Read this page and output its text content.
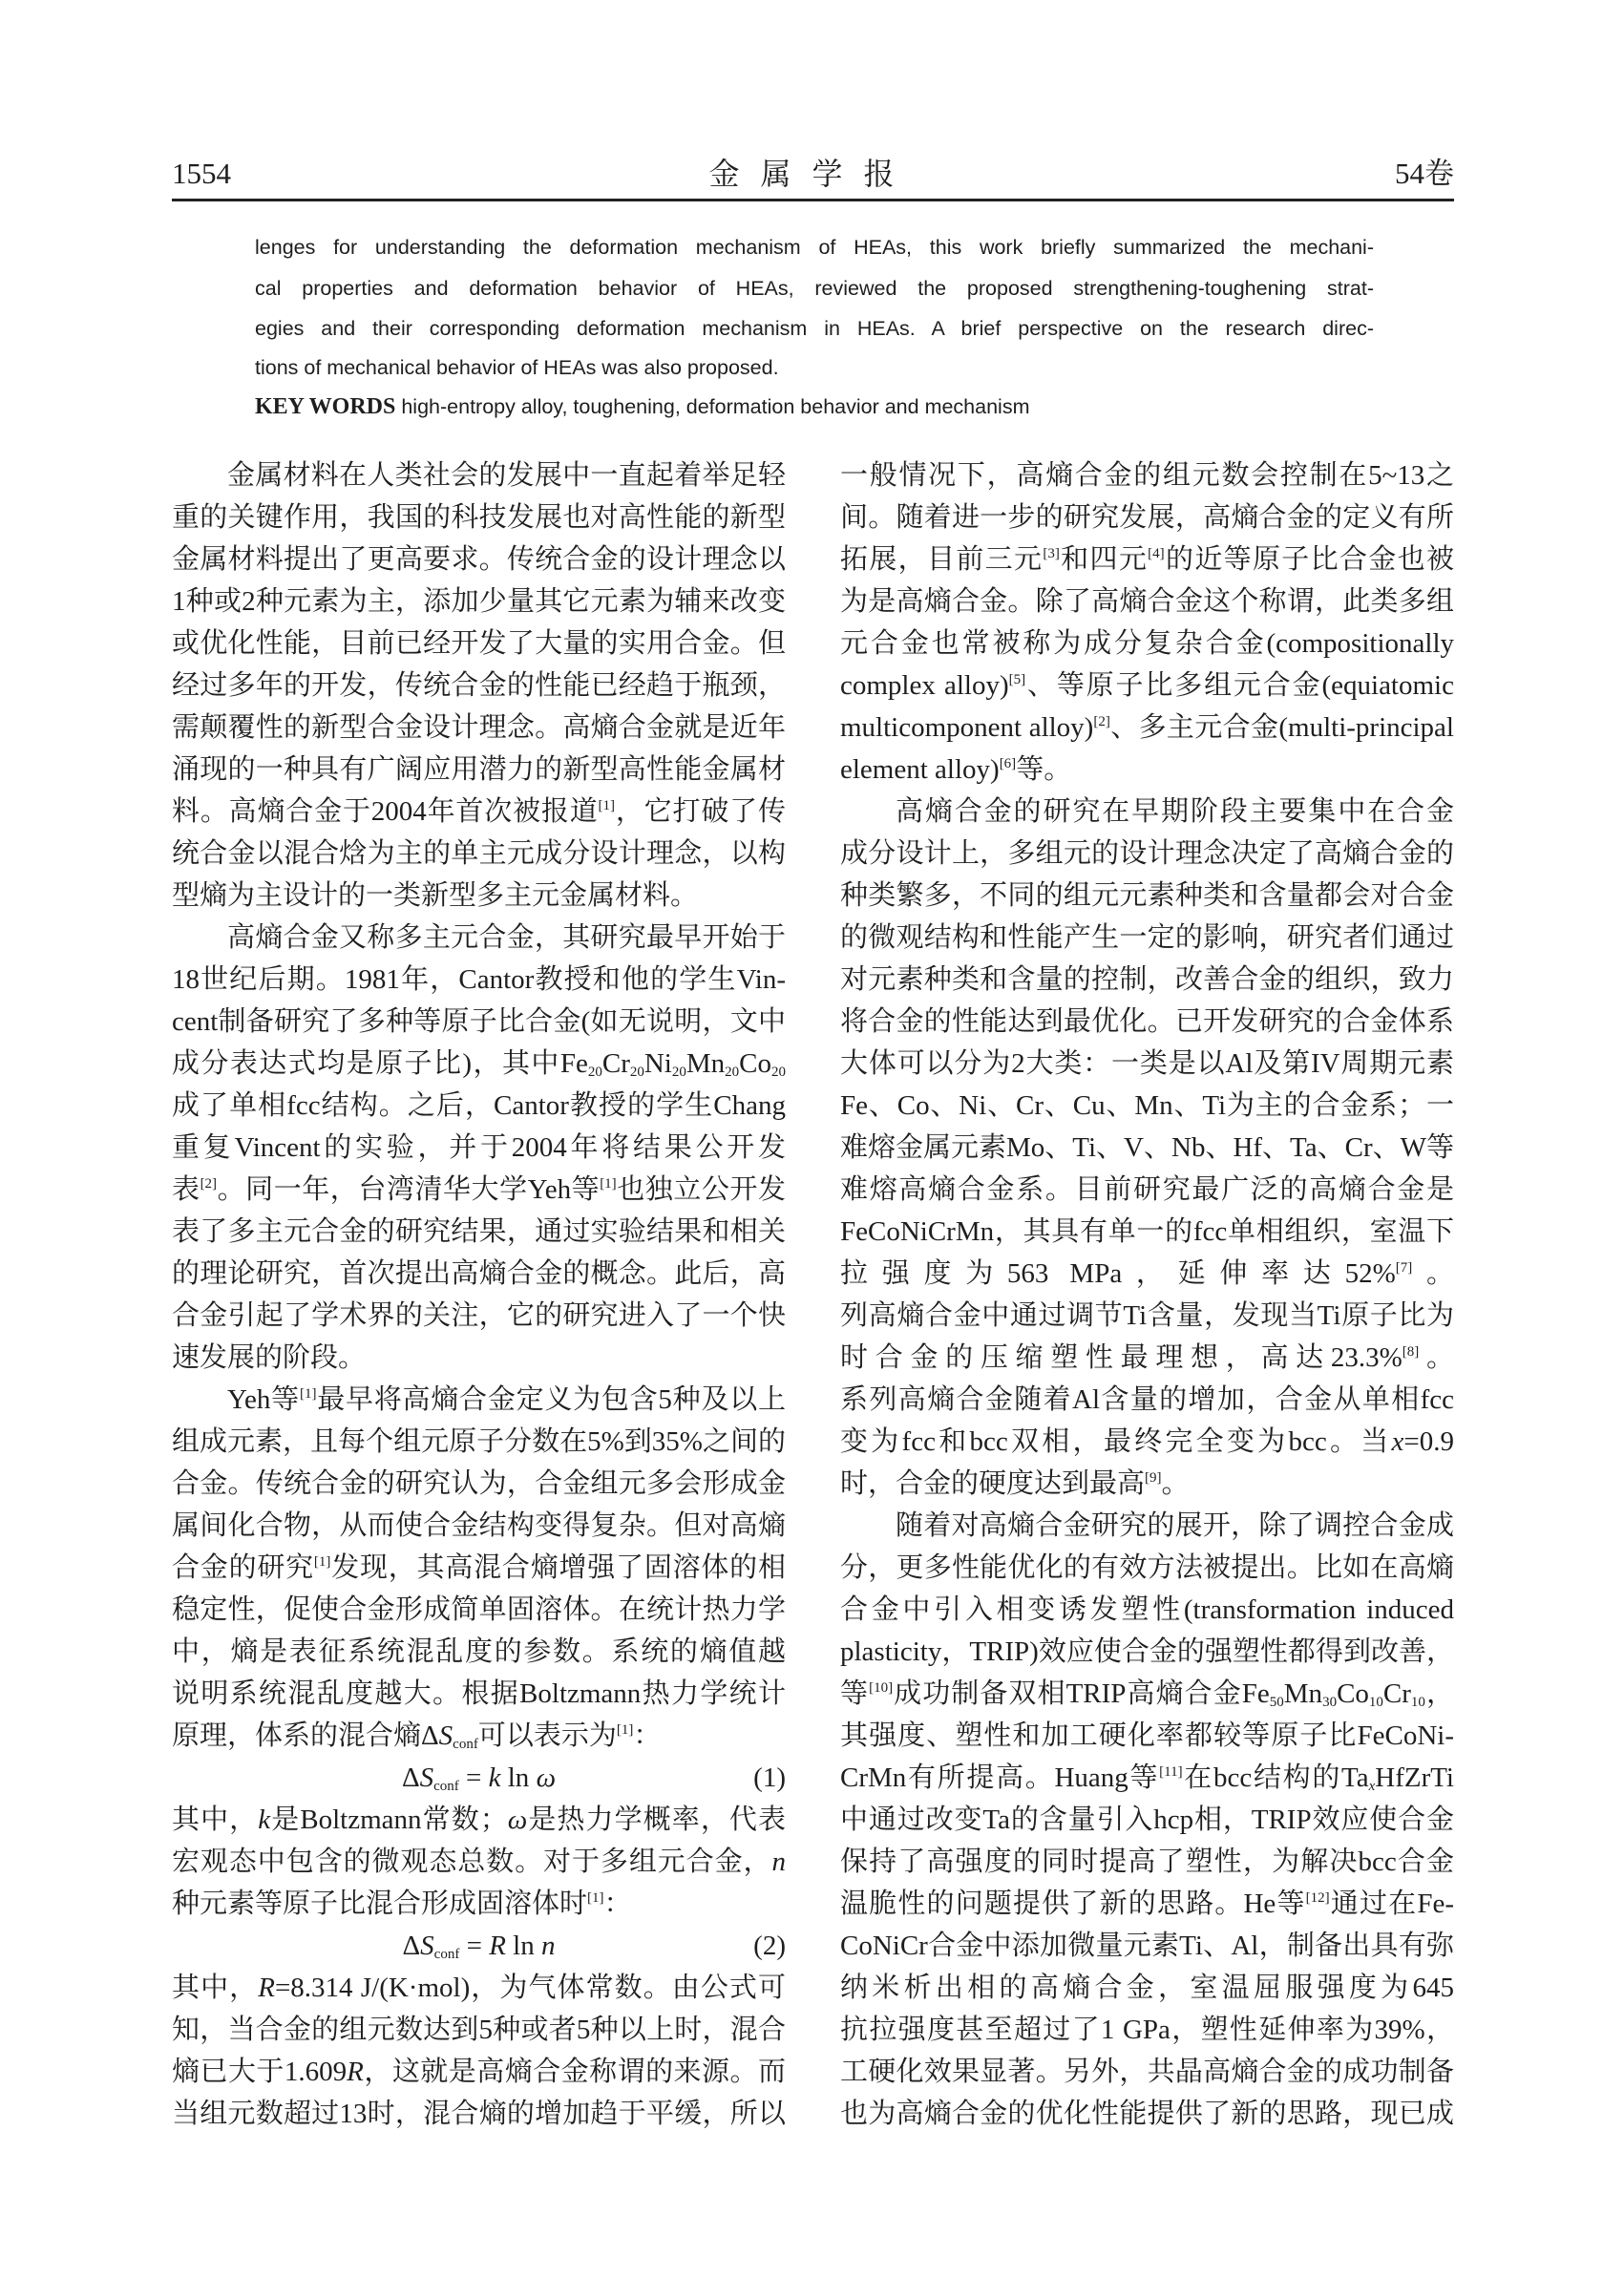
1554	金属学报	54卷
lenges for understanding the deformation mechanism of HEAs, this work briefly summarized the mechani-
cal properties and deformation behavior of HEAs, reviewed the proposed strengthening-toughening strat-
egies and their corresponding deformation mechanism in HEAs. A brief perspective on the research direc-
tions of mechanical behavior of HEAs was also proposed.
KEY WORDS high-entropy alloy, toughening, deformation behavior and mechanism
金属材料在人类社会的发展中一直起着举足轻
重的关键作用，我国的科技发展也对高性能的新型
金属材料提出了更高要求。传统合金的设计理念以
1种或2种元素为主，添加少量其它元素为辅来改变
或优化性能，目前已经开发了大量的实用合金。但
经过多年的开发，传统合金的性能已经趋于瓶颈，
需颠覆性的新型合金设计理念。高熵合金就是近年
涌现的一种具有广阔应用潜力的新型高性能金属材
料。高熵合金于2004年首次被报道[1]，它打破了传
统合金以混合焓为主的单主元成分设计理念，以构
型熵为主设计的一类新型多主元金属材料。
高熵合金又称多主元合金，其研究最早开始于
18世纪后期。1981年，Cantor教授和他的学生Vin-
cent制备研究了多种等原子比合金(如无说明，文中
成分表达式均是原子比)，其中$Fe_{20}Cr_{20}Ni_{20}Mn_{20}Co_{20}$
成了单相fcc结构。之后，Cantor教授的学生Chang
重复Vincent的实验，并于2004年将结果公开发
表[2]。同一年，台湾清华大学Yeh等[1]也独立公开发
表了多主元合金的研究结果，通过实验结果和相关
的理论研究，首次提出高熵合金的概念。此后，高
合金引起了学术界的关注，它的研究进入了一个快
速发展的阶段。
Yeh等[1]最早将高熵合金定义为包含5种及以上
组成元素，且每个组元原子分数在5%到35%之间的
合金。传统合金的研究认为，合金组元多会形成金
属间化合物，从而使合金结构变得复杂。但对高熵
合金的研究[1]发现，其高混合熵增强了固溶体的相
稳定性，促使合金形成简单固溶体。在统计热力学
中，熵是表征系统混乱度的参数。系统的熵值越
说明系统混乱度越大。根据Boltzmann热力学统计
原理，体系的混合熵$\Delta S_{conf}$可以表示为[1]：
$\Delta S_{conf} = k$ ln ω	(1)
其中，k是Boltzmann常数；ω是热力学概率，代表
宏观态中包含的微观态总数。对于多组元合金，n
种元素等原子比混合形成固溶体时[1]：
$\Delta S_{conf} = R$ ln n	(2)
其中，R=8.314 J/(K·mol)，为气体常数。由公式可
知，当合金的组元数达到5种或者5种以上时，混合
熵已大于1.609R，这就是高熵合金称谓的来源。而
当组元数超过13时，混合熵的增加趋于平缓，所以
一般情况下，高熵合金的组元数会控制在5~13之
间。随着进一步的研究发展，高熵合金的定义有所
拓展，目前三元[3]和四元[4]的近等原子比合金也被
为是高熵合金。除了高熵合金这个称谓，此类多组
元合金也常被称为成分复杂合金(compositionally
complex alloy)[5]、等原子比多组元合金(equiatomic
multicomponent alloy)[2]、多主元合金(multi-principal
element alloy)[6]等。
高熵合金的研究在早期阶段主要集中在合金
成分设计上，多组元的设计理念决定了高熵合金的
种类繁多，不同的组元元素种类和含量都会对合金
的微观结构和性能产生一定的影响，研究者们通过
对元素种类和含量的控制，改善合金的组织，致力
将合金的性能达到最优化。已开发研究的合金体系
大体可以分为2大类：一类是以Al及第IV周期元素
Fe、Co、Ni、Cr、Cu、Mn、Ti为主的合金系；一
难熔金属元素Mo、Ti、V、Nb、Hf、Ta、Cr、W等
难熔高熵合金系。目前研究最广泛的高熵合金是
FeCoNiCrMn，其具有单一的fcc单相组织，室温下
拉强度为563 MPa，延伸率达52%[7]。
列高熵合金中通过调节Ti含量，发现当Ti原子比为
时合金的压缩塑性最理想，高达23.3%[8]。
系列高熵合金随着Al含量的增加，合金从单相fcc
变为fcc和bcc双相，最终完全变为bcc。当x=0.9
时，合金的硬度达到最高[9]。
随着对高熵合金研究的展开，除了调控合金成
分，更多性能优化的有效方法被提出。比如在高熵
合金中引入相变诱发塑性(transformation induced
plasticity，TRIP)效应使合金的强塑性都得到改善，
等[10]成功制备双相TRIP高熵合金$Fe_{50}Mn_{30}Co_{10}Cr_{10}$，
其强度、塑性和加工硬化率都较等原子比FeCoNi-
CrMn有所提高。Huang等[11]在bcc结构的$Ta_xHfZrTi$
中通过改变Ta的含量引入hcp相，TRIP效应使合金
保持了高强度的同时提高了塑性，为解决bcc合金
温脆性的问题提供了新的思路。He等[12]通过在Fe-
CoNiCr合金中添加微量元素Ti、Al，制备出具有弥
纳米析出相的高熵合金，室温屈服强度为645
抗拉强度甚至超过了1 GPa，塑性延伸率为39%，
工硬化效果显著。另外，共晶高熵合金的成功制备
也为高熵合金的优化性能提供了新的思路，现已成
